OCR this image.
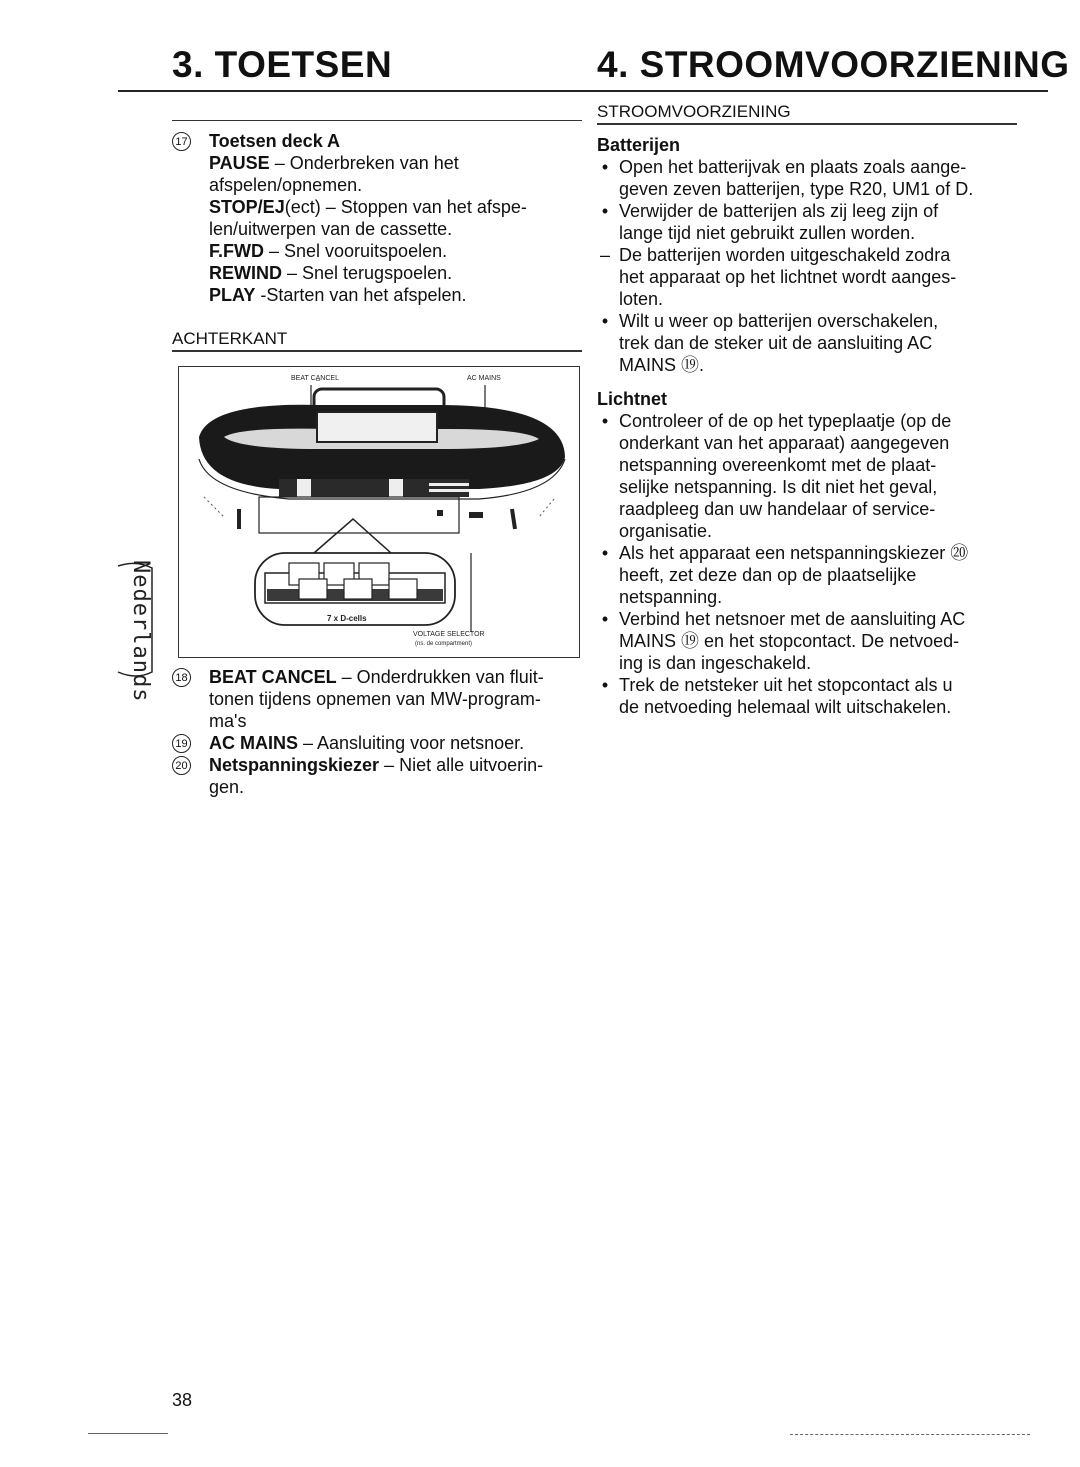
3. TOETSEN	4. STROOMVOORZIENING
17 Toetsen deck A
PAUSE – Onderbreken van het
afspelen/opnemen.
STOP/EJ(ect) – Stoppen van het afspe-
len/uitwerpen van de cassette.
F.FWD – Snel vooruitspoelen.
REWIND – Snel terugspoelen.
PLAY -Starten van het afspelen.
ACHTERKANT
BEAT CA̲NCEL	AC MAINS
7 x D-cells
VOLTAGE SELECTOR
(ns. de compartment)
18 BEAT CANCEL – Onderdrukken van fluit-
tonen tijdens opnemen van MW-program-
ma's
19 AC MAINS – Aansluiting voor netsnoer.
20 Netspanningskiezer – Niet alle uitvoerin-
gen.
Nederlands
STROOMVOORZIENING
Batterijen
• Open het batterijvak en plaats zoals aange-
geven zeven batterijen, type R20, UM1 of D.
• Verwijder de batterijen als zij leeg zijn of
lange tijd niet gebruikt zullen worden.
– De batterijen worden uitgeschakeld zodra
het apparaat op het lichtnet wordt aanges-
loten.
• Wilt u weer op batterijen overschakelen,
trek dan de steker uit de aansluiting AC
MAINS ⑲.
Lichtnet
• Controleer of de op het typeplaatje (op de
onderkant van het apparaat) aangegeven
netspanning overeenkomt met de plaat-
selijke netspanning. Is dit niet het geval,
raadpleeg dan uw handelaar of service-
organisatie.
• Als het apparaat een netspanningskiezer ⑳
heeft, zet deze dan op de plaatselijke
netspanning.
• Verbind het netsnoer met de aansluiting AC
MAINS ⑲ en het stopcontact. De netvoed-
ing is dan ingeschakeld.
• Trek de netsteker uit het stopcontact als u
de netvoeding helemaal wilt uitschakelen.
38
